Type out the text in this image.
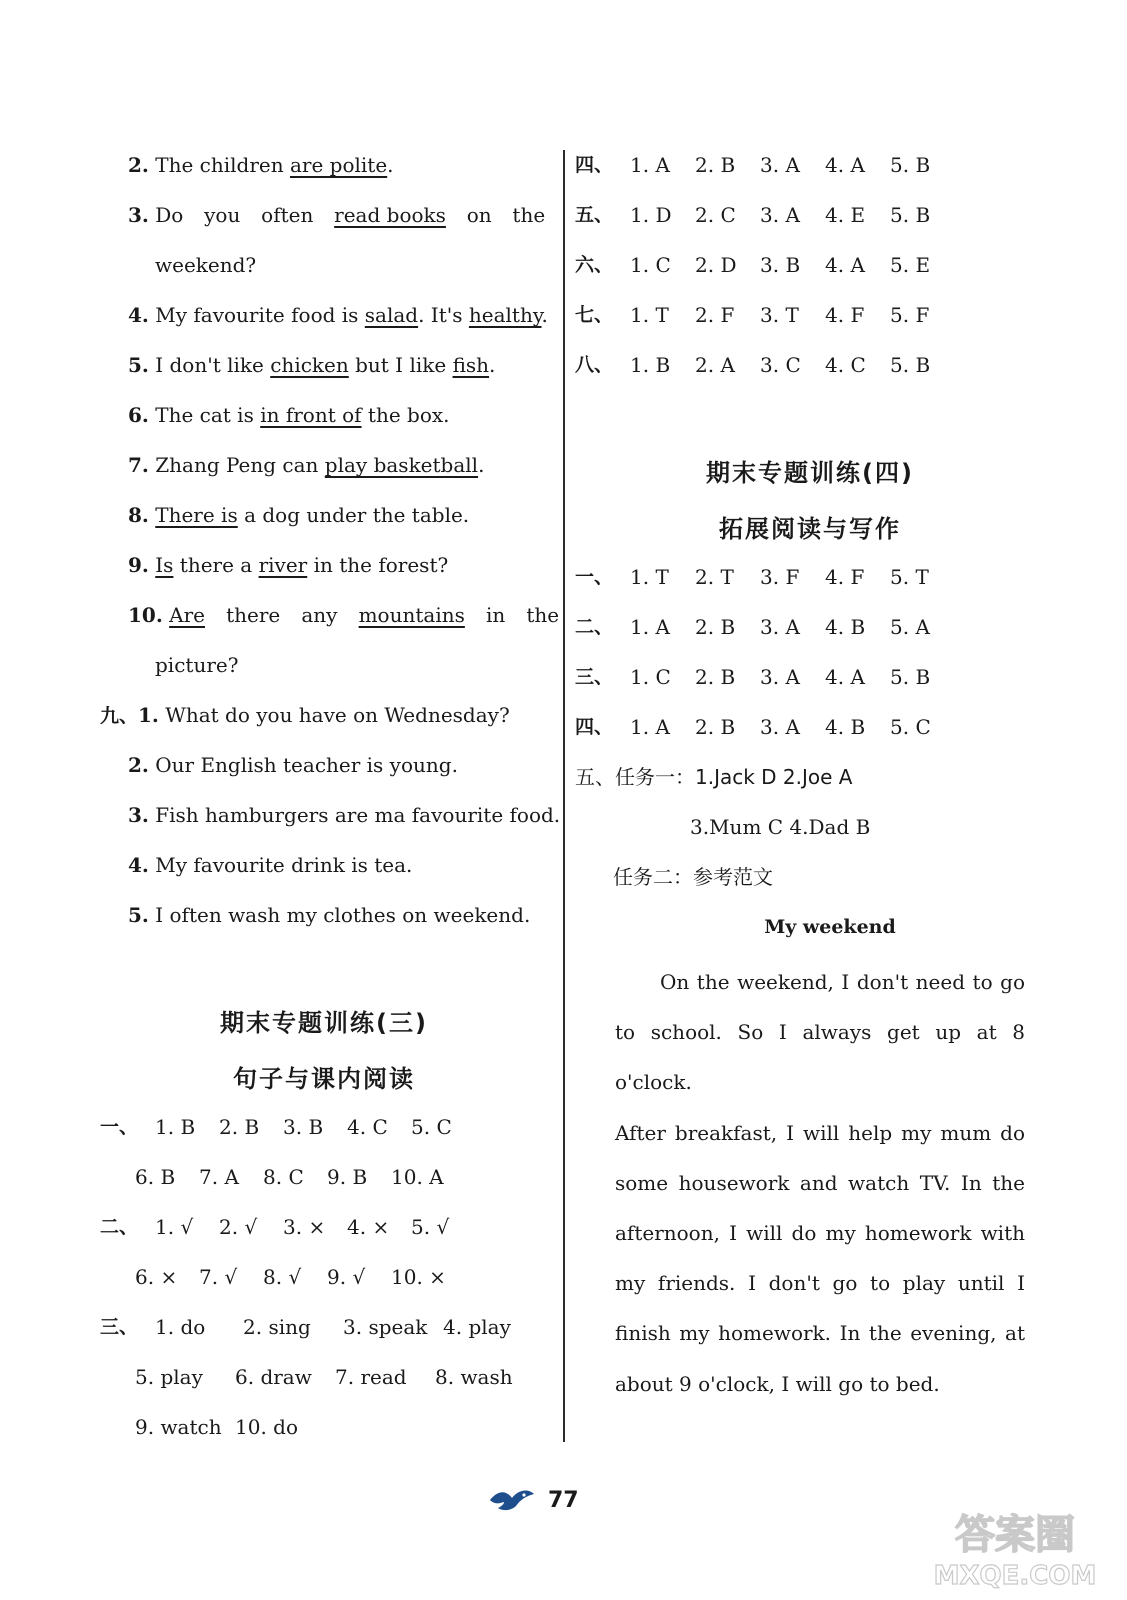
2. The children are polite.
3. Do you often read books on the
weekend?
4. My favourite food is salad. It's healthy.
5. I don't like chicken but I like fish.
6. The cat is in front of the box.
7. Zhang Peng can play basketball.
8. There is a dog under the table.
9. Is there a river in the forest?
10. Are there any mountains in the
picture?
九、1. What do you have on Wednesday?
2. Our English teacher is young.
3. Fish hamburgers are ma favourite food.
4. My favourite drink is tea.
5. I often wash my clothes on weekend.
期末专题训练(三)
句子与课内阅读
一、 1. B	2. B	3. B	4. C	5. C
6. B	7. A	8. C	9. B	10. A
二、 1. √	2. √	3. ×	4. ×	5. √
6. ×	7. √	8. √	9. √	10. ×
三、 1. do	2. sing	3. speak 4. play
5. play	6. draw	7. read	8. wash
9. watch 10. do
四、 1. A	2. B	3. A	4. A	5. B
五、 1. D	2. C	3. A	4. E	5. B
六、 1. C	2. D	3. B	4. A	5. E
七、 1. T	2. F	3. T	4. F	5. F
八、 1. B	2. A	3. C	4. C	5. B
期末专题训练(四)
拓展阅读与写作
一、 1. T	2. T	3. F	4. F	5. T
二、 1. A	2. B	3. A	4. B	5. A
三、 1. C	2. B	3. A	4. A	5. B
四、 1. A	2. B	3. A	4. B	5. C
五、任务一：1.Jack D 2.Joe A
3.Mum C 4.Dad B
任务二：参考范文
My weekend
On the weekend, I don't need to go
to school. So I always get up at 8 o'clock.
After breakfast, I will help my mum do
some housework and watch TV. In the
afternoon, I will do my homework with
my friends. I don't go to play until I
finish my homework. In the evening, at
about 9 o'clock, I will go to bed.
77
答案圈
MXQE.COM
